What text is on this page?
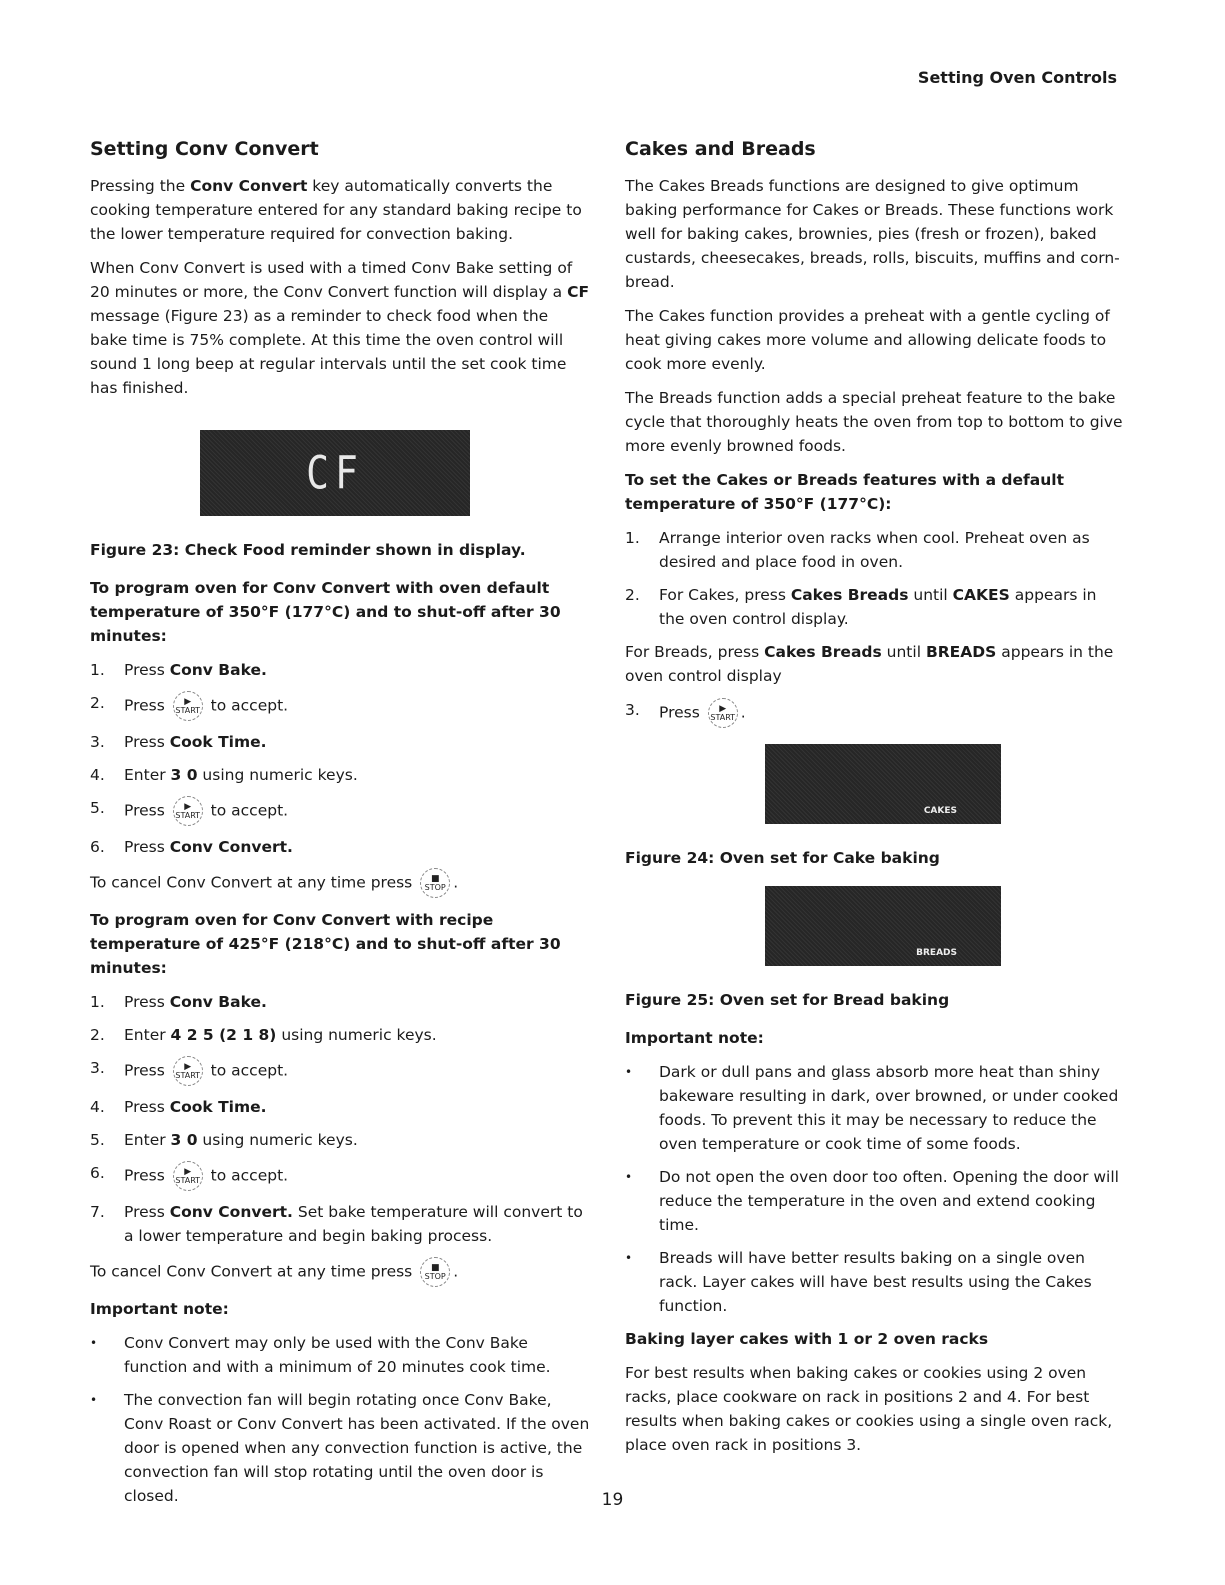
Setting Oven Controls
Setting Conv Convert

Pressing the Conv Convert key automatically converts the cooking temperature entered for any standard baking recipe to the lower temperature required for convection baking.

When Conv Convert is used with a timed Conv Bake setting of 20 minutes or more, the Conv Convert function will display a CF message (Figure 23) as a reminder to check food when the bake time is 75% complete. At this time the oven control will sound 1 long beep at regular intervals until the set cook time has finished.

CF
Figure 23: Check Food reminder shown in display.
To program oven for Conv Convert with oven default temperature of 350°F (177°C) and to shut-off after 30 minutes:
1. Press Conv Bake.
2. Press ▶
START to accept.
3. Press Cook Time.
4. Enter 3 0 using numeric keys.
5. Press ▶
START to accept.
6. Press Conv Convert.

To cancel Conv Convert at any time press ■
STOP .

To program oven for Conv Convert with recipe temperature of 425°F (218°C) and to shut-off after 30 minutes:
1. Press Conv Bake.
2. Enter 4 2 5 (2 1 8) using numeric keys.
3. Press ▶
START to accept.
4. Press Cook Time.
5. Enter 3 0 using numeric keys.
6. Press ▶
START to accept.
7. Press Conv Convert. Set bake temperature will convert to a lower temperature and begin baking process.

To cancel Conv Convert at any time press ■
STOP .

Important note:
• Conv Convert may only be used with the Conv Bake function and with a minimum of 20 minutes cook time.
• The convection fan will begin rotating once Conv Bake, Conv Roast or Conv Convert has been activated. If the oven door is opened when any convection function is active, the convection fan will stop rotating until the oven door is closed.
Cakes and Breads

The Cakes Breads functions are designed to give optimum baking performance for Cakes or Breads. These functions work well for baking cakes, brownies, pies (fresh or frozen), baked custards, cheesecakes, breads, rolls, biscuits, muffins and corn-bread.

The Cakes function provides a preheat with a gentle cycling of heat giving cakes more volume and allowing delicate foods to cook more evenly.

The Breads function adds a special preheat feature to the bake cycle that thoroughly heats the oven from top to bottom to give more evenly browned foods.

To set the Cakes or Breads features with a default temperature of 350°F (177°C):
1. Arrange interior oven racks when cool. Preheat oven as desired and place food in oven.
2. For Cakes, press Cakes Breads until CAKES appears in the oven control display.

For Breads, press Cakes Breads until BREADS appears in the oven control display

3. Press ▶
START .
CAKES
Figure 24: Oven set for Cake baking
BREADS
Figure 25: Oven set for Bread baking
Important note:
• Dark or dull pans and glass absorb more heat than shiny bakeware resulting in dark, over browned, or under cooked foods. To prevent this it may be necessary to reduce the oven temperature or cook time of some foods.
• Do not open the oven door too often. Opening the door will reduce the temperature in the oven and extend cooking time.
• Breads will have better results baking on a single oven rack. Layer cakes will have best results using the Cakes function.
Baking layer cakes with 1 or 2 oven racks

For best results when baking cakes or cookies using 2 oven racks, place cookware on rack in positions 2 and 4. For best results when baking cakes or cookies using a single oven rack, place oven rack in positions 3.

19
